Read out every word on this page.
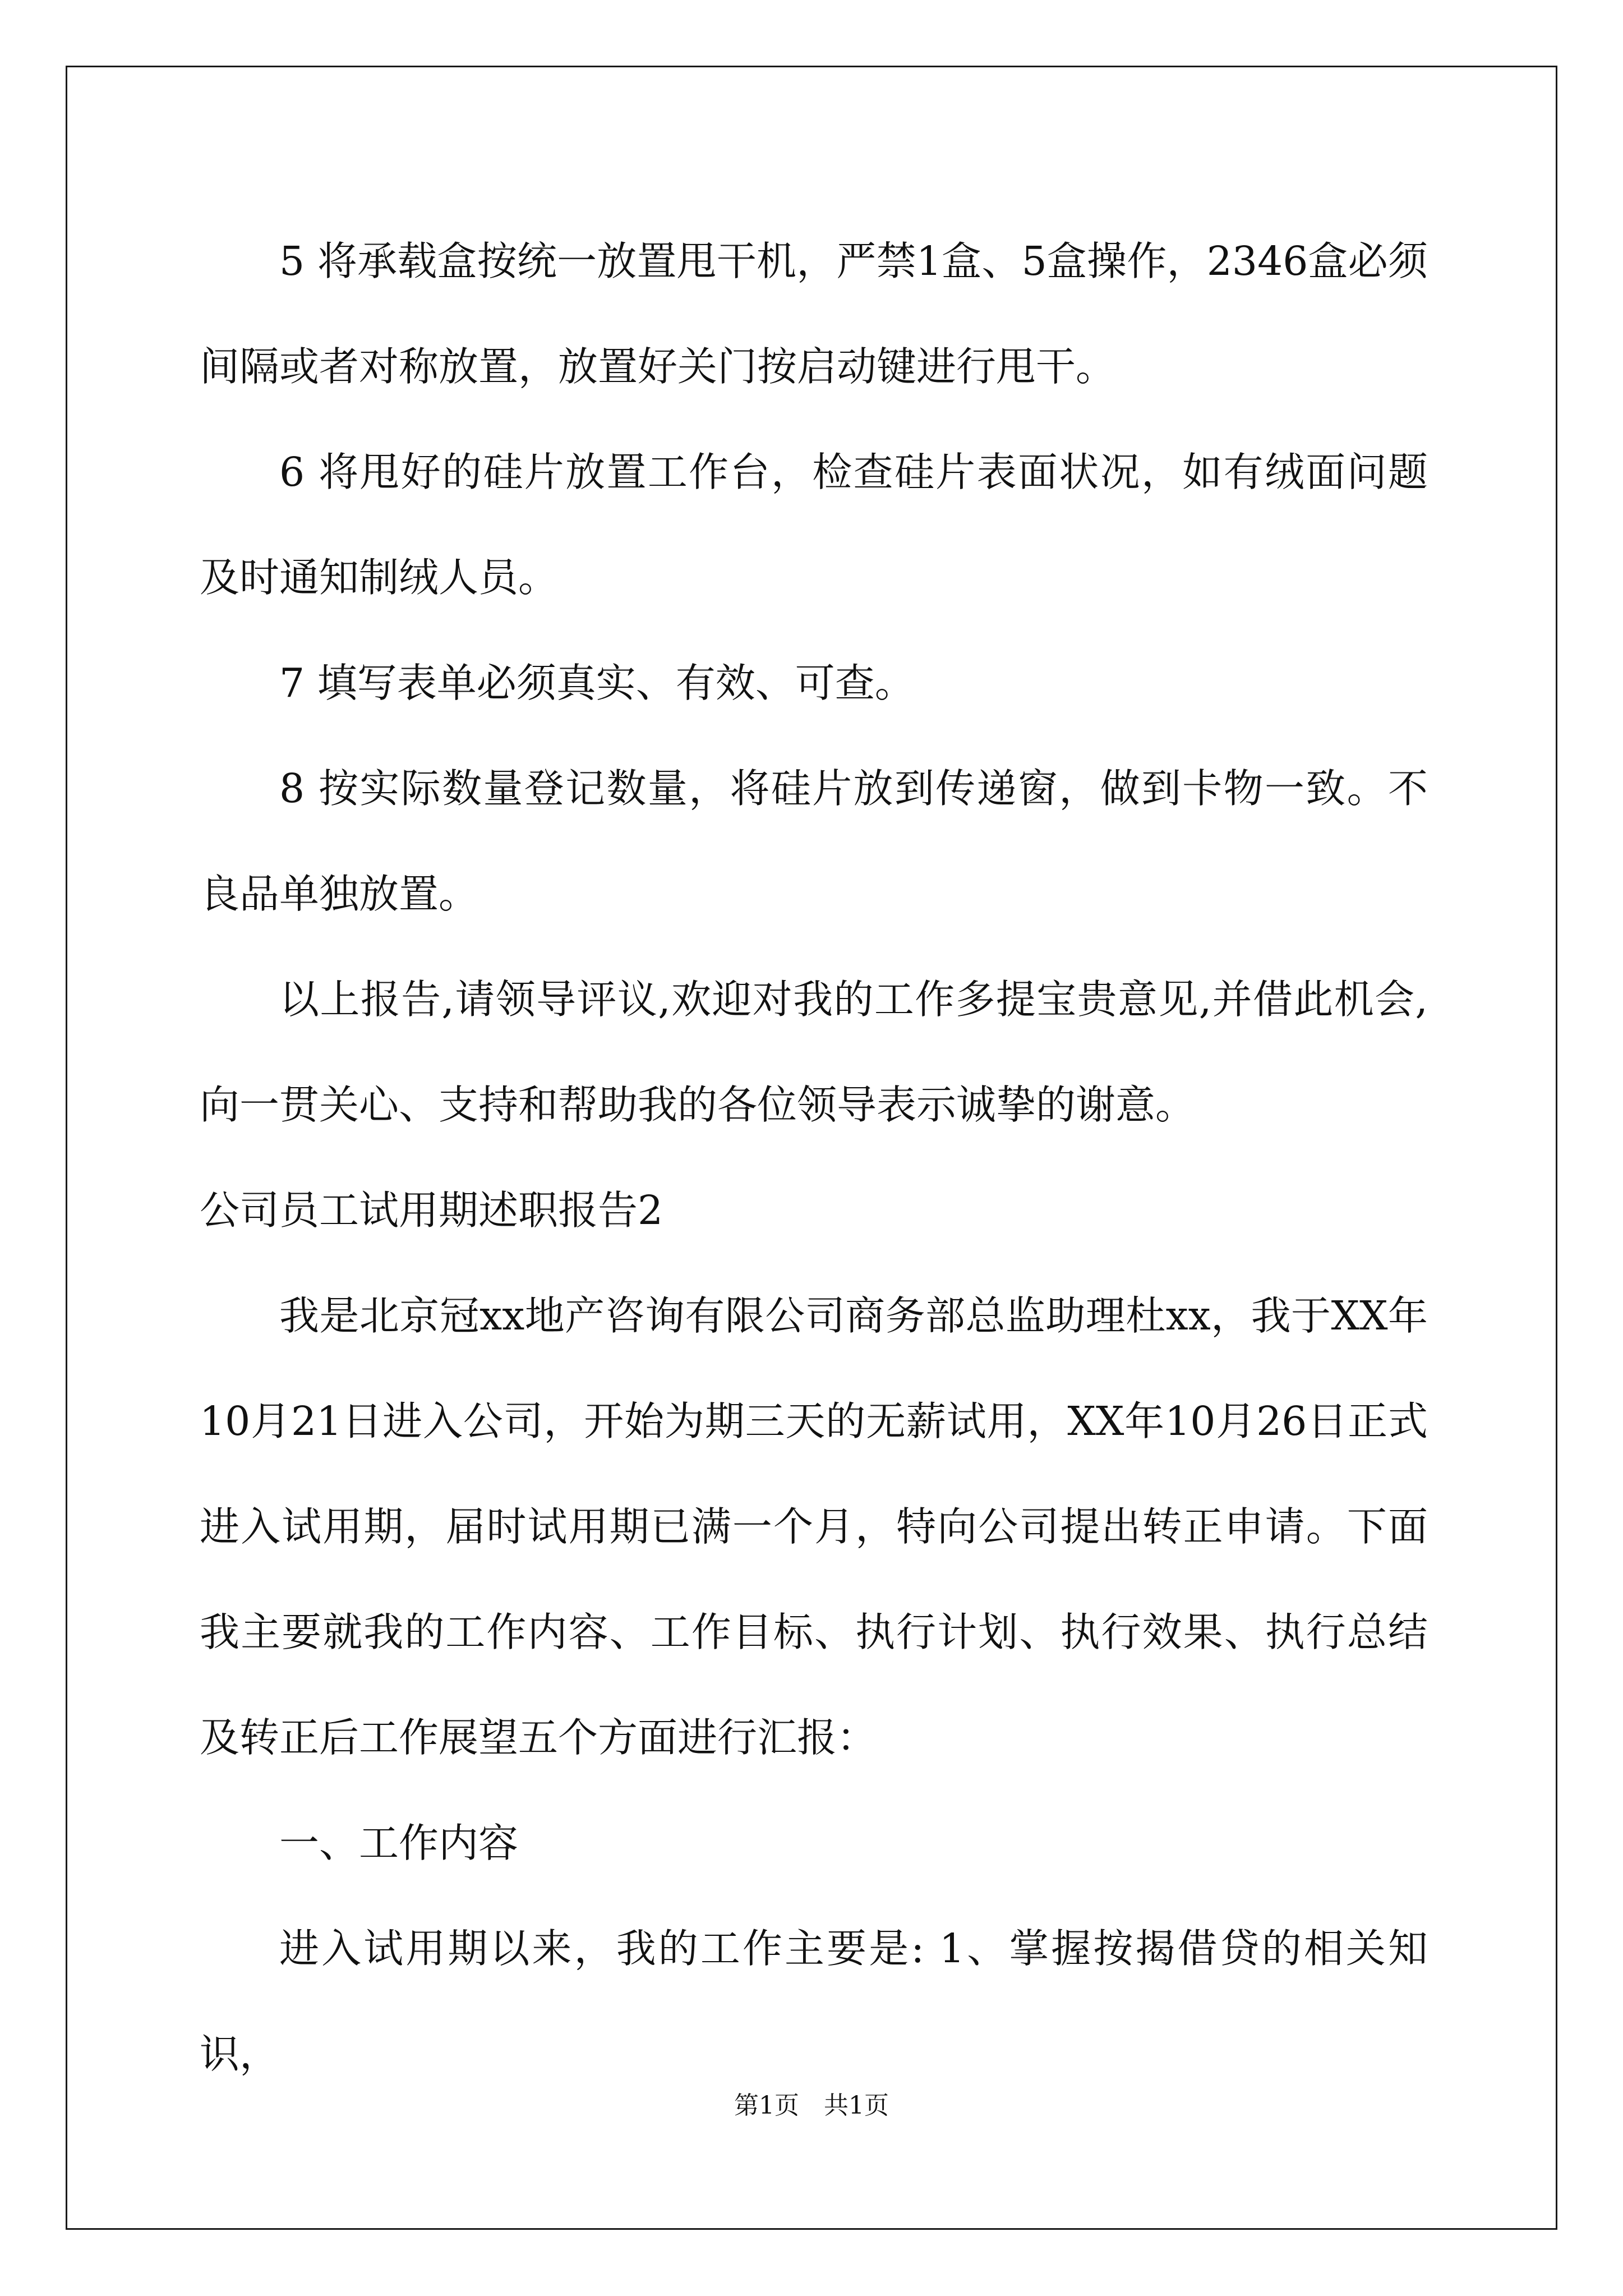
5 将承载盒按统一放置甩干机，严禁1盒、5盒操作，2346盒必须间隔或者对称放置，放置好关门按启动键进行甩干。

6 将甩好的硅片放置工作台，检查硅片表面状况，如有绒面问题及时通知制绒人员。

7 填写表单必须真实、有效、可查。

8 按实际数量登记数量，将硅片放到传递窗，做到卡物一致。不良品单独放置。

以上报告,请领导评议,欢迎对我的工作多提宝贵意见,并借此机会,向一贯关心、支持和帮助我的各位领导表示诚挚的谢意。

公司员工试用期述职报告2

我是北京冠xx地产咨询有限公司商务部总监助理杜xx，我于XX年10月21日进入公司，开始为期三天的无薪试用，XX年10月26日正式进入试用期，届时试用期已满一个月，特向公司提出转正申请。下面我主要就我的工作内容、工作目标、执行计划、执行效果、执行总结及转正后工作展望五个方面进行汇报：

一、工作内容

进入试用期以来，我的工作主要是: 1、掌握按揭借贷的相关知识，

第1页　共1页
